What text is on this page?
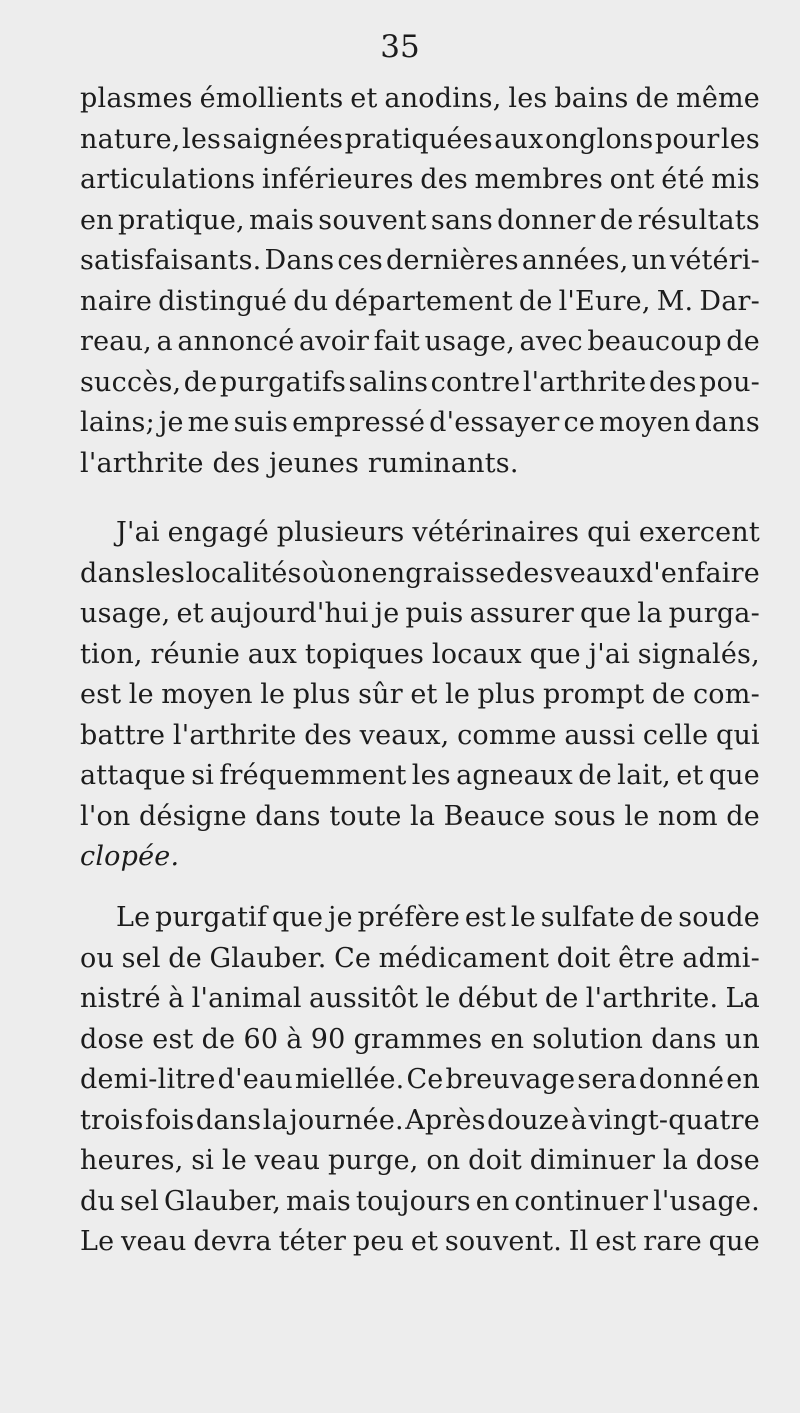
35
plasmes émollients et anodins, les bains de même
nature, les saignées pratiquées aux onglons pour les
articulations inférieures des membres ont été mis
en pratique, mais souvent sans donner de résultats
satisfaisants. Dans ces dernières années, un vétéri-
naire distingué du département de l'Eure, M. Dar-
reau, a annoncé avoir fait usage, avec beaucoup de
succès, de purgatifs salins contre l'arthrite des pou-
lains; je me suis empressé d'essayer ce moyen dans
l'arthrite des jeunes ruminants.
J'ai engagé plusieurs vétérinaires qui exercent
dans les localités où on engraisse des veaux d'en faire
usage, et aujourd'hui je puis assurer que la purga-
tion, réunie aux topiques locaux que j'ai signalés,
est le moyen le plus sûr et le plus prompt de com-
battre l'arthrite des veaux, comme aussi celle qui
attaque si fréquemment les agneaux de lait, et que
l'on désigne dans toute la Beauce sous le nom de
clopée.
Le purgatif que je préfère est le sulfate de soude
ou sel de Glauber. Ce médicament doit être admi-
nistré à l'animal aussitôt le début de l'arthrite. La
dose est de 60 à 90 grammes en solution dans un
demi-litre d'eau miellée. Ce breuvage sera donné en
trois fois dans la journée. Après douze à vingt-quatre
heures, si le veau purge, on doit diminuer la dose
du sel Glauber, mais toujours en continuer l'usage.
Le veau devra téter peu et souvent. Il est rare que
